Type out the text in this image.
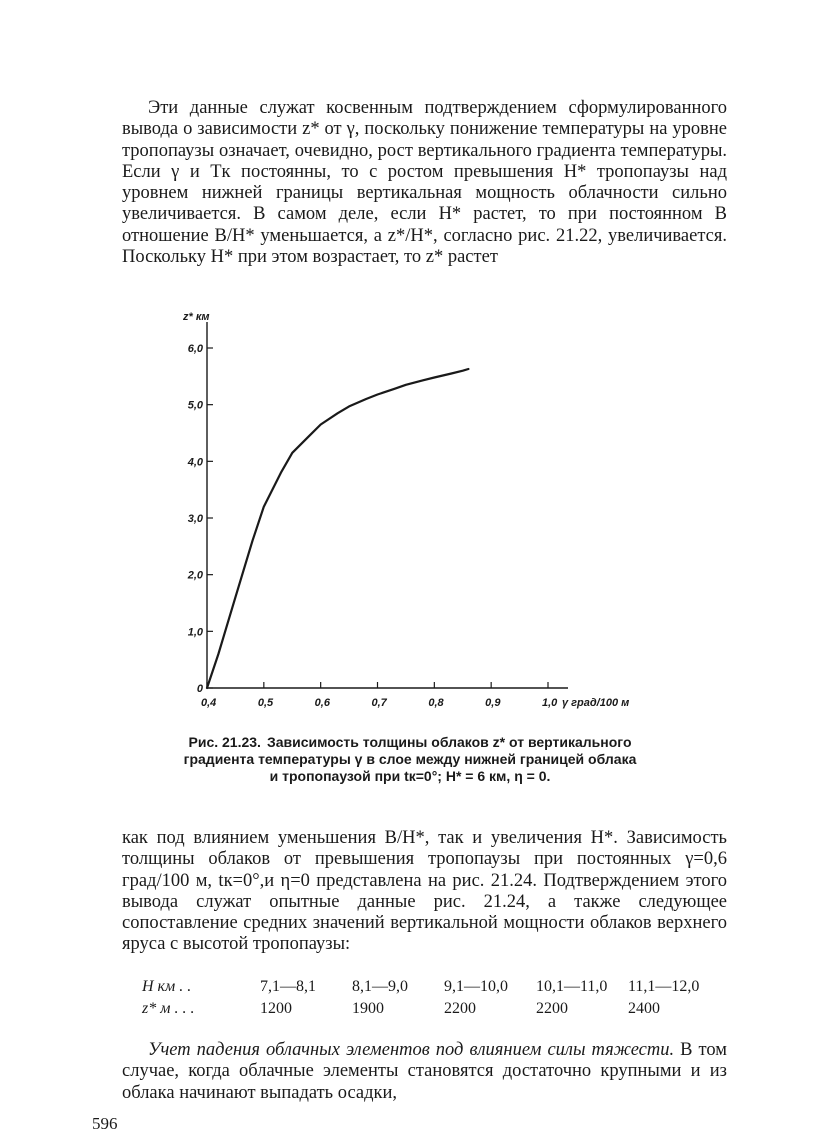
Эти данные служат косвенным подтверждением сформулированного вывода о зависимости z* от γ, поскольку понижение температуры на уровне тропопаузы означает, очевидно, рост вертикального градиента температуры. Если γ и Tк постоянны, то с ростом превышения H* тропопаузы над уровнем нижней границы вертикальная мощность облачности сильно увеличивается. В самом деле, если H* растет, то при постоянном B отношение B/H* уменьшается, а z*/H*, согласно рис. 21.22, увеличивается. Поскольку H* при этом возрастает, то z* растет

0,4	0,5	0,6	0,7	0,8	0,9	1,0
0
1,0
2,0
3,0
4,0
5,0
6,0
z* км
γ град/100 м

Рис. 21.23. Зависимость толщины облаков z* от вертикального градиента температуры γ в слое между нижней границей облака и тропопаузой при tк=0°; H* = 6 км, η = 0.

как под влиянием уменьшения B/H*, так и увеличения H*. Зависимость толщины облаков от превышения тропопаузы при постоянных γ=0,6 град/100 м, tк=0°,и η=0 представлена на рис. 21.24. Подтверждением этого вывода служат опытные данные рис. 21.24, а также следующее сопоставление средних значений вертикальной мощности облаков верхнего яруса с высотой тропопаузы:

H км . .	7,1—8,1	8,1—9,0	9,1—10,0	10,1—11,0	11,1—12,0
z* м . . .	1200	1900	2200	2200	2400

Учет падения облачных элементов под влиянием силы тяжести. В том случае, когда облачные элементы становятся достаточно крупными и из облака начинают выпадать осадки,

596
